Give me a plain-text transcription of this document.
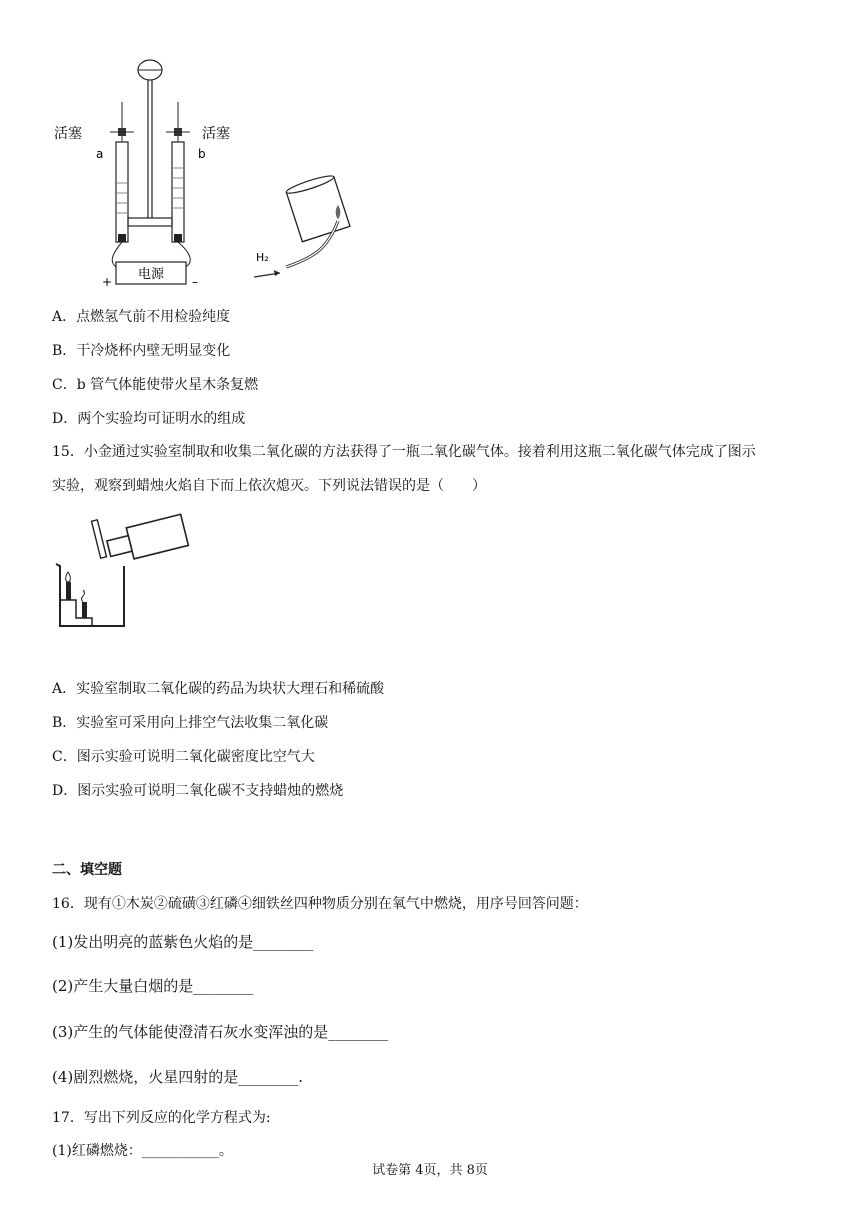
电源
+	–
活塞	活塞
a	b
H₂
A．点燃氢气前不用检验纯度
B．干冷烧杯内壁无明显变化
C．b 管气体能使带火星木条复燃
D．两个实验均可证明水的组成
15．小金通过实验室制取和收集二氧化碳的方法获得了一瓶二氧化碳气体。接着利用这瓶二氧化碳气体完成了图示
实验，观察到蜡烛火焰自下而上依次熄灭。下列说法错误的是（　　）
A．实验室制取二氧化碳的药品为块状大理石和稀硫酸
B．实验室可采用向上排空气法收集二氧化碳
C．图示实验可说明二氧化碳密度比空气大
D．图示实验可说明二氧化碳不支持蜡烛的燃烧
二、填空题
16．现有①木炭②硫磺③红磷④细铁丝四种物质分别在氧气中燃烧，用序号回答问题：
(1)发出明亮的蓝紫色火焰的是________
(2)产生大量白烟的是________
(3)产生的气体能使澄清石灰水变浑浊的是________
(4)剧烈燃烧，火星四射的是________.
17．写出下列反应的化学方程式为:
(1)红磷燃烧：___________。
试卷第 4页，共 8页
